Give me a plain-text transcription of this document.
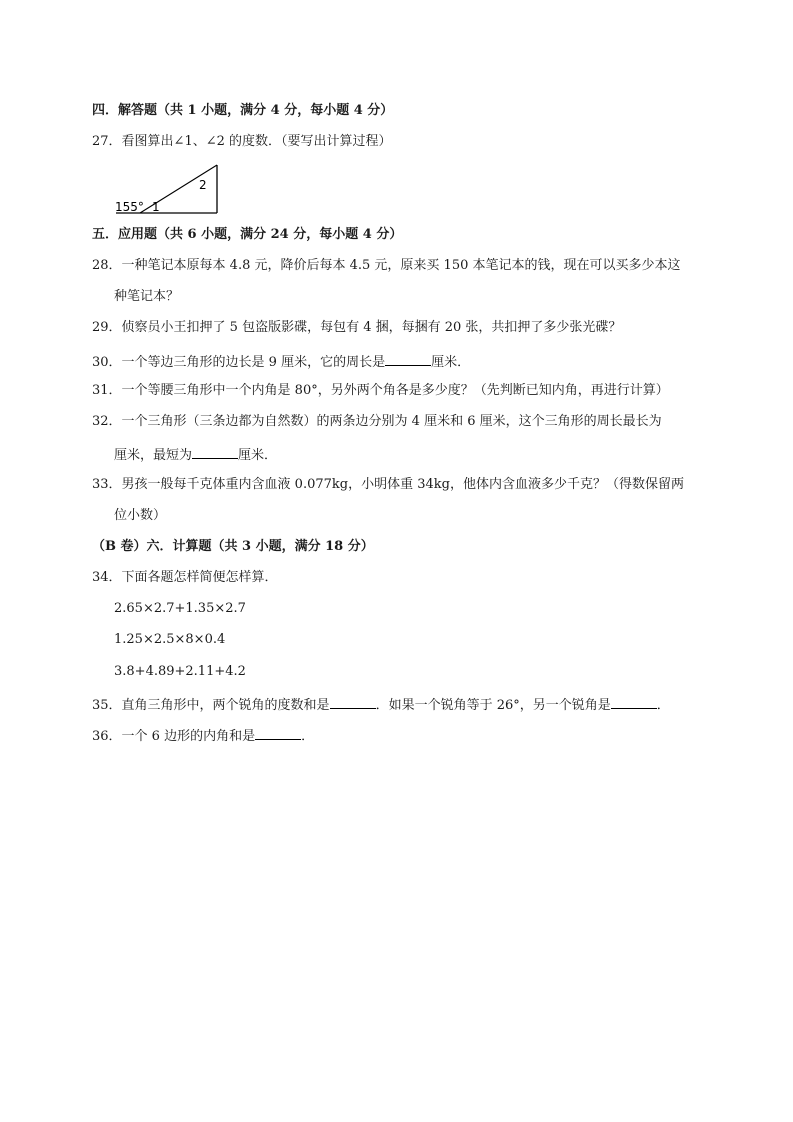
四．解答题（共 1 小题，满分 4 分，每小题 4 分）
27．看图算出∠1、∠2 的度数．（要写出计算过程）
155° 1
2
五．应用题（共 6 小题，满分 24 分，每小题 4 分）
28．一种笔记本原每本 4.8 元，降价后每本 4.5 元，原来买 150 本笔记本的钱，现在可以买多少本这
种笔记本？
29．侦察员小王扣押了 5 包盗版影碟，每包有 4 捆，每捆有 20 张，共扣押了多少张光碟？
30．一个等边三角形的边长是 9 厘米，它的周长是	厘米．
31．一个等腰三角形中一个内角是 80°，另外两个角各是多少度？（先判断已知内角，再进行计算）
32．一个三角形（三条边都为自然数）的两条边分别为 4 厘米和 6 厘米，这个三角形的周长最长为
厘米，最短为	厘米．
33．男孩一般每千克体重内含血液 0.077kg，小明体重 34kg，他体内含血液多少千克？（得数保留两
位小数）
（B 卷）六．计算题（共 3 小题，满分 18 分）
34．下面各题怎样简便怎样算．
2.65×2.7+1.35×2.7
1.25×2.5×8×0.4
3.8+4.89+2.11+4.2
35．直角三角形中，两个锐角的度数和是	．如果一个锐角等于 26°，另一个锐角是	．
36．一个 6 边形的内角和是	．
